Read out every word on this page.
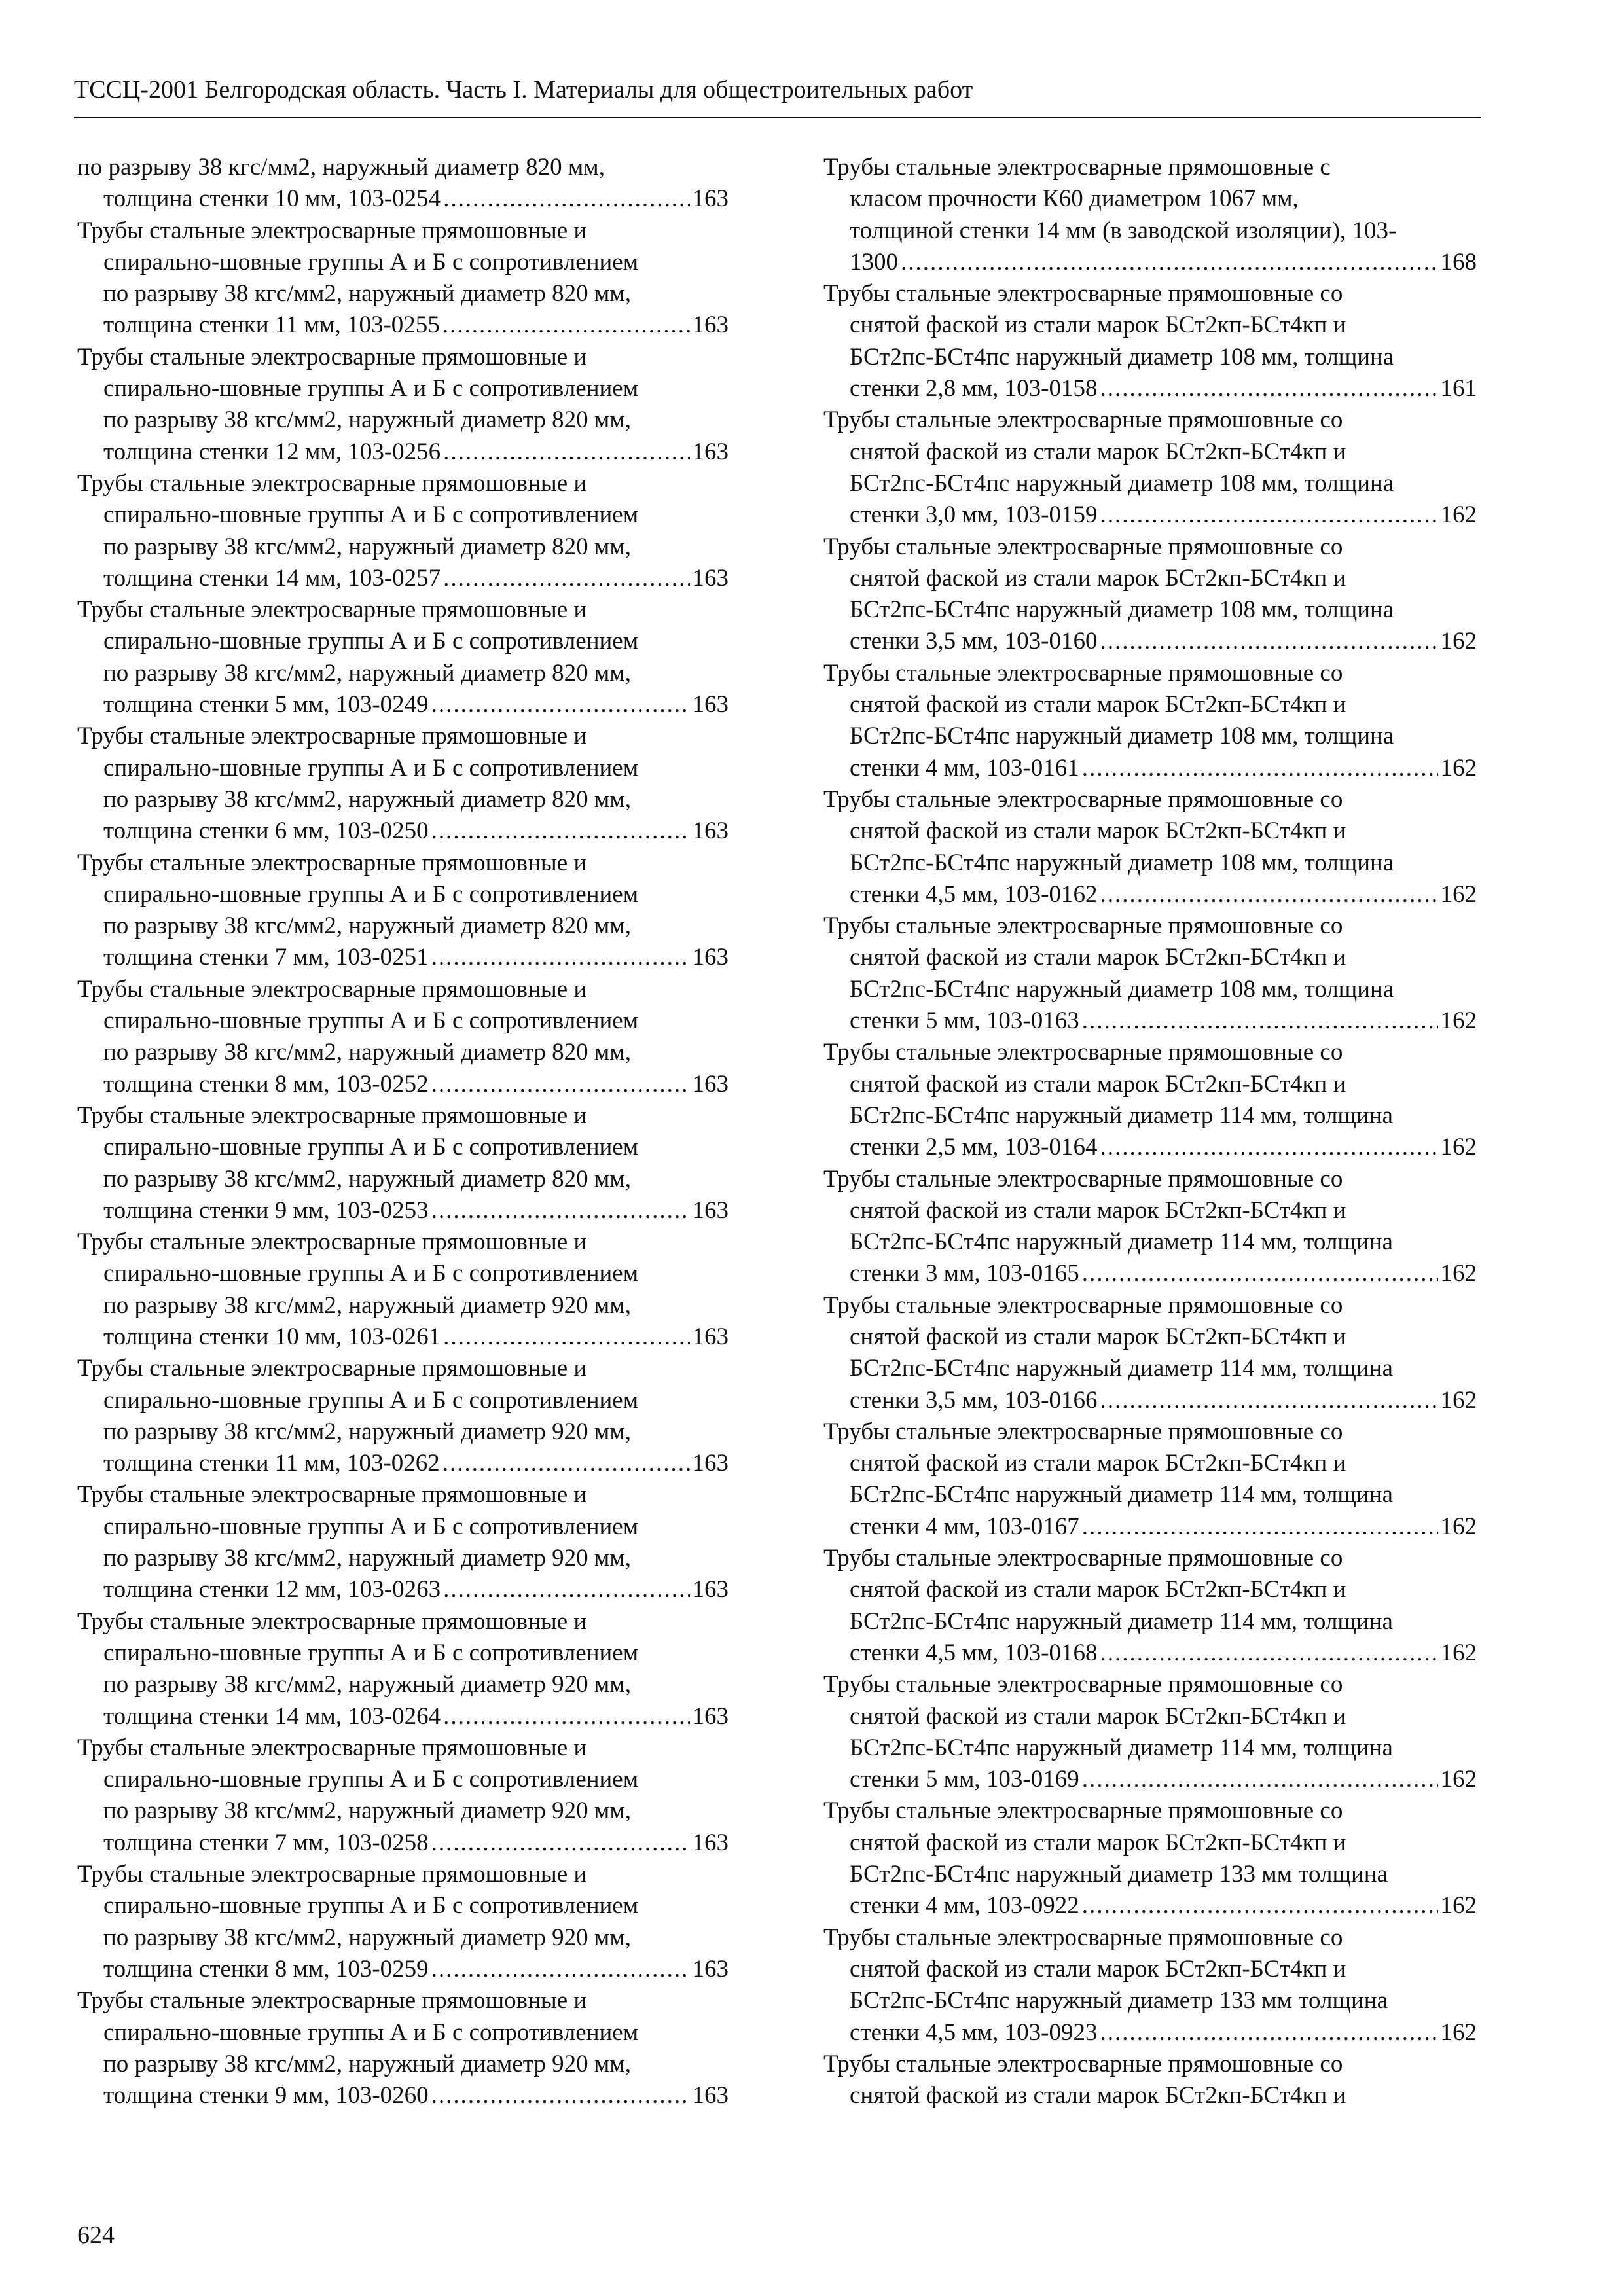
ТССЦ-2001 Белгородская область. Часть I. Материалы для общестроительных работ
по разрыву 38 кгс/мм2, наружный диаметр 820 мм,
толщина стенки 10 мм, 103-0254 .....	163
Трубы стальные электросварные прямошовные и
спирально-шовные группы А и Б с сопротивлением
по разрыву 38 кгс/мм2, наружный диаметр 820 мм,
толщина стенки 11 мм, 103-0255 .....	163
Трубы стальные электросварные прямошовные и
спирально-шовные группы А и Б с сопротивлением
по разрыву 38 кгс/мм2, наружный диаметр 820 мм,
толщина стенки 12 мм, 103-0256 .....	163
Трубы стальные электросварные прямошовные и
спирально-шовные группы А и Б с сопротивлением
по разрыву 38 кгс/мм2, наружный диаметр 820 мм,
толщина стенки 14 мм, 103-0257 .....	163
Трубы стальные электросварные прямошовные и
спирально-шовные группы А и Б с сопротивлением
по разрыву 38 кгс/мм2, наружный диаметр 820 мм,
толщина стенки 5 мм, 103-0249 .....	163
Трубы стальные электросварные прямошовные и
спирально-шовные группы А и Б с сопротивлением
по разрыву 38 кгс/мм2, наружный диаметр 820 мм,
толщина стенки 6 мм, 103-0250 .....	163
Трубы стальные электросварные прямошовные и
спирально-шовные группы А и Б с сопротивлением
по разрыву 38 кгс/мм2, наружный диаметр 820 мм,
толщина стенки 7 мм, 103-0251 .....	163
Трубы стальные электросварные прямошовные и
спирально-шовные группы А и Б с сопротивлением
по разрыву 38 кгс/мм2, наружный диаметр 820 мм,
толщина стенки 8 мм, 103-0252 .....	163
Трубы стальные электросварные прямошовные и
спирально-шовные группы А и Б с сопротивлением
по разрыву 38 кгс/мм2, наружный диаметр 820 мм,
толщина стенки 9 мм, 103-0253 .....	163
Трубы стальные электросварные прямошовные и
спирально-шовные группы А и Б с сопротивлением
по разрыву 38 кгс/мм2, наружный диаметр 920 мм,
толщина стенки 10 мм, 103-0261 .....	163
Трубы стальные электросварные прямошовные и
спирально-шовные группы А и Б с сопротивлением
по разрыву 38 кгс/мм2, наружный диаметр 920 мм,
толщина стенки 11 мм, 103-0262 .....	163
Трубы стальные электросварные прямошовные и
спирально-шовные группы А и Б с сопротивлением
по разрыву 38 кгс/мм2, наружный диаметр 920 мм,
толщина стенки 12 мм, 103-0263 .....	163
Трубы стальные электросварные прямошовные и
спирально-шовные группы А и Б с сопротивлением
по разрыву 38 кгс/мм2, наружный диаметр 920 мм,
толщина стенки 14 мм, 103-0264 .....	163
Трубы стальные электросварные прямошовные и
спирально-шовные группы А и Б с сопротивлением
по разрыву 38 кгс/мм2, наружный диаметр 920 мм,
толщина стенки 7 мм, 103-0258 .....	163
Трубы стальные электросварные прямошовные и
спирально-шовные группы А и Б с сопротивлением
по разрыву 38 кгс/мм2, наружный диаметр 920 мм,
толщина стенки 8 мм, 103-0259 .....	163
Трубы стальные электросварные прямошовные и
спирально-шовные группы А и Б с сопротивлением
по разрыву 38 кгс/мм2, наружный диаметр 920 мм,
толщина стенки 9 мм, 103-0260 .....	163
Трубы стальные электросварные прямошовные с
класом прочности К60 диаметром 1067 мм,
толщиной стенки 14 мм (в заводской изоляции), 103-
1300 .....	168
Трубы стальные электросварные прямошовные со
снятой фаской из стали марок БСт2кп-БСт4кп и
БСт2пс-БСт4пс наружный диаметр 108 мм, толщина
стенки 2,8 мм, 103-0158 .....	161
Трубы стальные электросварные прямошовные со
снятой фаской из стали марок БСт2кп-БСт4кп и
БСт2пс-БСт4пс наружный диаметр 108 мм, толщина
стенки 3,0 мм, 103-0159 .....	162
Трубы стальные электросварные прямошовные со
снятой фаской из стали марок БСт2кп-БСт4кп и
БСт2пс-БСт4пс наружный диаметр 108 мм, толщина
стенки 3,5 мм, 103-0160 .....	162
Трубы стальные электросварные прямошовные со
снятой фаской из стали марок БСт2кп-БСт4кп и
БСт2пс-БСт4пс наружный диаметр 108 мм, толщина
стенки 4 мм, 103-0161 .....	162
Трубы стальные электросварные прямошовные со
снятой фаской из стали марок БСт2кп-БСт4кп и
БСт2пс-БСт4пс наружный диаметр 108 мм, толщина
стенки 4,5 мм, 103-0162 .....	162
Трубы стальные электросварные прямошовные со
снятой фаской из стали марок БСт2кп-БСт4кп и
БСт2пс-БСт4пс наружный диаметр 108 мм, толщина
стенки 5 мм, 103-0163 .....	162
Трубы стальные электросварные прямошовные со
снятой фаской из стали марок БСт2кп-БСт4кп и
БСт2пс-БСт4пс наружный диаметр 114 мм, толщина
стенки 2,5 мм, 103-0164 .....	162
Трубы стальные электросварные прямошовные со
снятой фаской из стали марок БСт2кп-БСт4кп и
БСт2пс-БСт4пс наружный диаметр 114 мм, толщина
стенки 3 мм, 103-0165 .....	162
Трубы стальные электросварные прямошовные со
снятой фаской из стали марок БСт2кп-БСт4кп и
БСт2пс-БСт4пс наружный диаметр 114 мм, толщина
стенки 3,5 мм, 103-0166 .....	162
Трубы стальные электросварные прямошовные со
снятой фаской из стали марок БСт2кп-БСт4кп и
БСт2пс-БСт4пс наружный диаметр 114 мм, толщина
стенки 4 мм, 103-0167 .....	162
Трубы стальные электросварные прямошовные со
снятой фаской из стали марок БСт2кп-БСт4кп и
БСт2пс-БСт4пс наружный диаметр 114 мм, толщина
стенки 4,5 мм, 103-0168 .....	162
Трубы стальные электросварные прямошовные со
снятой фаской из стали марок БСт2кп-БСт4кп и
БСт2пс-БСт4пс наружный диаметр 114 мм, толщина
стенки 5 мм, 103-0169 .....	162
Трубы стальные электросварные прямошовные со
снятой фаской из стали марок БСт2кп-БСт4кп и
БСт2пс-БСт4пс наружный диаметр 133 мм толщина
стенки 4 мм, 103-0922 .....	162
Трубы стальные электросварные прямошовные со
снятой фаской из стали марок БСт2кп-БСт4кп и
БСт2пс-БСт4пс наружный диаметр 133 мм толщина
стенки 4,5 мм, 103-0923 .....	162
Трубы стальные электросварные прямошовные со
снятой фаской из стали марок БСт2кп-БСт4кп и
624
